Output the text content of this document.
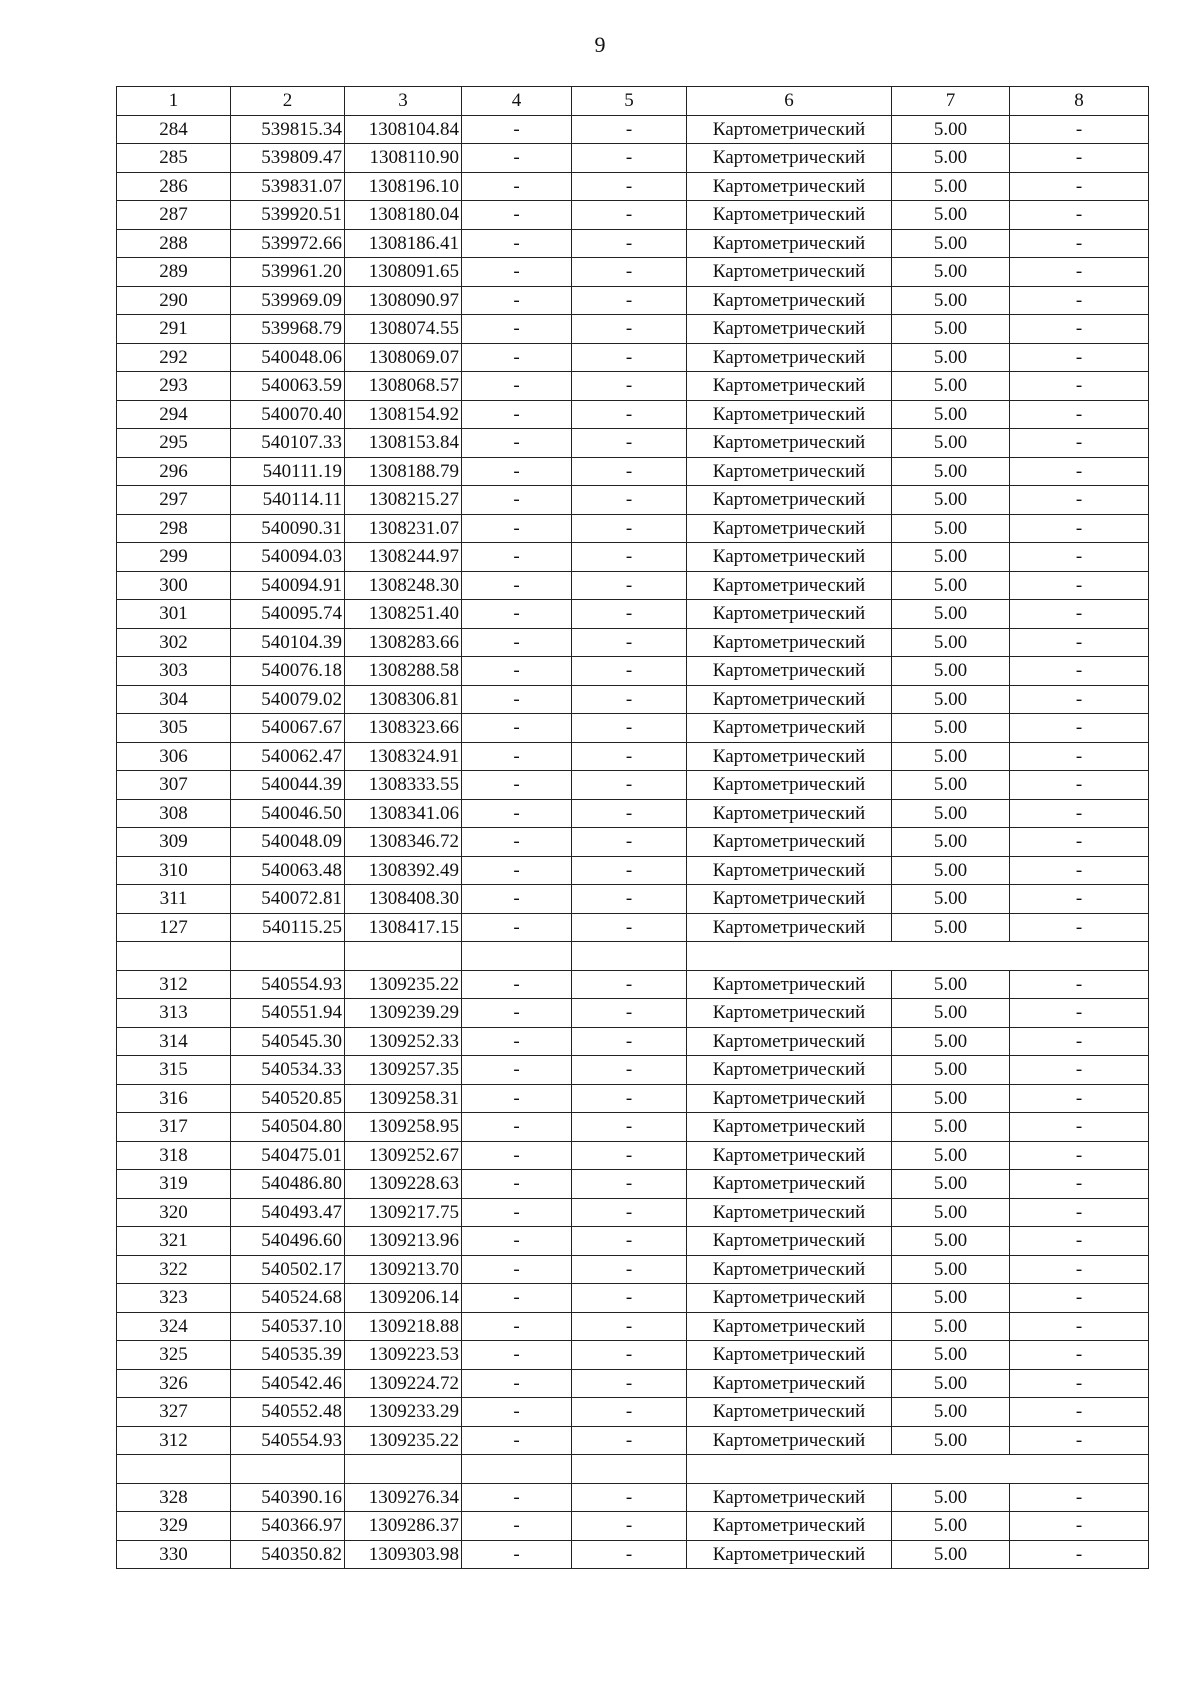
9
1	2	3	4	5	6	7	8
284	539815.34	1308104.84	-	-	Картометрический	5.00	-
285	539809.47	1308110.90	-	-	Картометрический	5.00	-
286	539831.07	1308196.10	-	-	Картометрический	5.00	-
287	539920.51	1308180.04	-	-	Картометрический	5.00	-
288	539972.66	1308186.41	-	-	Картометрический	5.00	-
289	539961.20	1308091.65	-	-	Картометрический	5.00	-
290	539969.09	1308090.97	-	-	Картометрический	5.00	-
291	539968.79	1308074.55	-	-	Картометрический	5.00	-
292	540048.06	1308069.07	-	-	Картометрический	5.00	-
293	540063.59	1308068.57	-	-	Картометрический	5.00	-
294	540070.40	1308154.92	-	-	Картометрический	5.00	-
295	540107.33	1308153.84	-	-	Картометрический	5.00	-
296	540111.19	1308188.79	-	-	Картометрический	5.00	-
297	540114.11	1308215.27	-	-	Картометрический	5.00	-
298	540090.31	1308231.07	-	-	Картометрический	5.00	-
299	540094.03	1308244.97	-	-	Картометрический	5.00	-
300	540094.91	1308248.30	-	-	Картометрический	5.00	-
301	540095.74	1308251.40	-	-	Картометрический	5.00	-
302	540104.39	1308283.66	-	-	Картометрический	5.00	-
303	540076.18	1308288.58	-	-	Картометрический	5.00	-
304	540079.02	1308306.81	-	-	Картометрический	5.00	-
305	540067.67	1308323.66	-	-	Картометрический	5.00	-
306	540062.47	1308324.91	-	-	Картометрический	5.00	-
307	540044.39	1308333.55	-	-	Картометрический	5.00	-
308	540046.50	1308341.06	-	-	Картометрический	5.00	-
309	540048.09	1308346.72	-	-	Картометрический	5.00	-
310	540063.48	1308392.49	-	-	Картометрический	5.00	-
311	540072.81	1308408.30	-	-	Картометрический	5.00	-
127	540115.25	1308417.15	-	-	Картометрический	5.00	-

312	540554.93	1309235.22	-	-	Картометрический	5.00	-
313	540551.94	1309239.29	-	-	Картометрический	5.00	-
314	540545.30	1309252.33	-	-	Картометрический	5.00	-
315	540534.33	1309257.35	-	-	Картометрический	5.00	-
316	540520.85	1309258.31	-	-	Картометрический	5.00	-
317	540504.80	1309258.95	-	-	Картометрический	5.00	-
318	540475.01	1309252.67	-	-	Картометрический	5.00	-
319	540486.80	1309228.63	-	-	Картометрический	5.00	-
320	540493.47	1309217.75	-	-	Картометрический	5.00	-
321	540496.60	1309213.96	-	-	Картометрический	5.00	-
322	540502.17	1309213.70	-	-	Картометрический	5.00	-
323	540524.68	1309206.14	-	-	Картометрический	5.00	-
324	540537.10	1309218.88	-	-	Картометрический	5.00	-
325	540535.39	1309223.53	-	-	Картометрический	5.00	-
326	540542.46	1309224.72	-	-	Картометрический	5.00	-
327	540552.48	1309233.29	-	-	Картометрический	5.00	-
312	540554.93	1309235.22	-	-	Картометрический	5.00	-

328	540390.16	1309276.34	-	-	Картометрический	5.00	-
329	540366.97	1309286.37	-	-	Картометрический	5.00	-
330	540350.82	1309303.98	-	-	Картометрический	5.00	-
